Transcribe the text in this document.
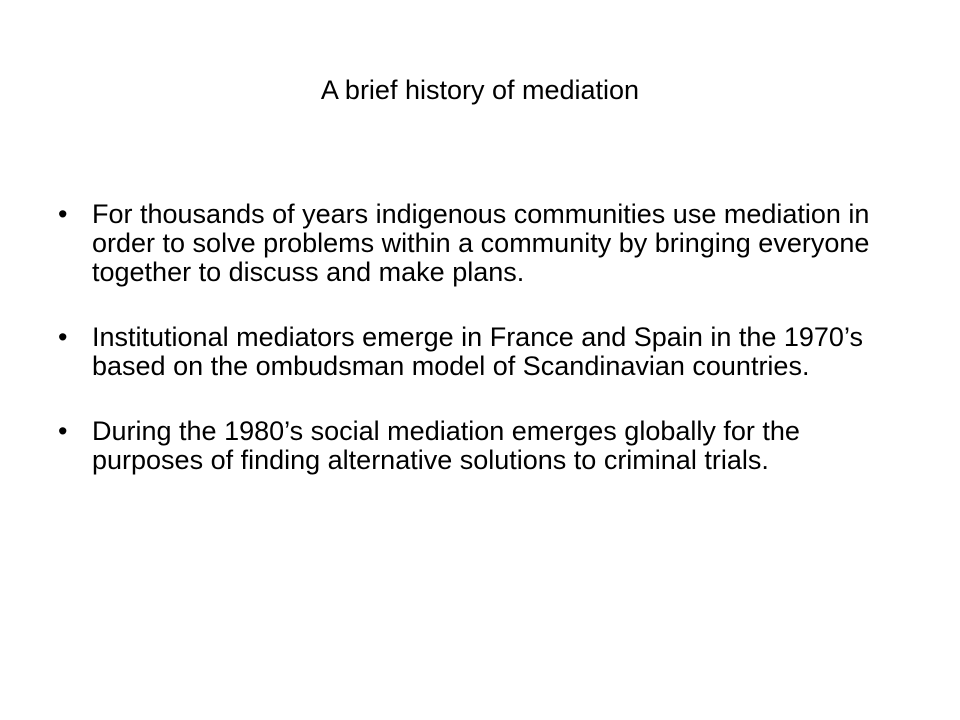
A brief history of mediation
• For thousands of years indigenous communities use mediation in order to solve problems within a community by bringing everyone together to discuss and make plans.
• Institutional mediators emerge in France and Spain in the 1970’s based on the ombudsman model of Scandinavian countries.
• During the 1980’s social mediation emerges globally for the purposes of finding alternative solutions to criminal trials.
